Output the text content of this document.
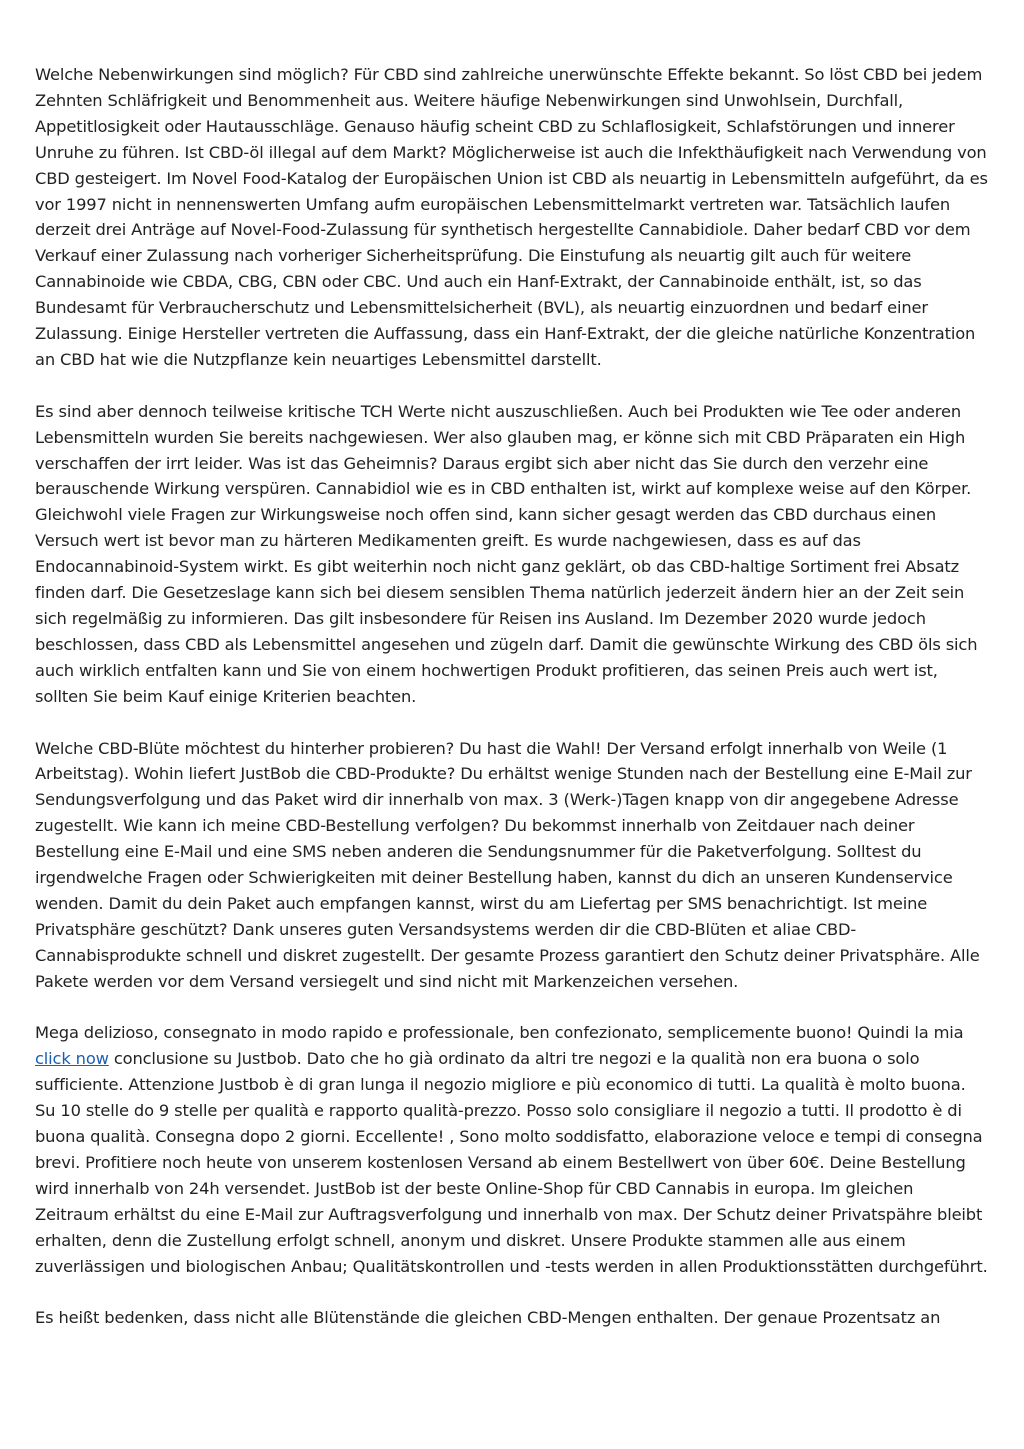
Welche Nebenwirkungen sind möglich? Für CBD sind zahlreiche unerwünschte Effekte bekannt. So löst CBD bei jedem Zehnten Schläfrigkeit und Benommenheit aus. Weitere häufige Nebenwirkungen sind Unwohlsein, Durchfall, Appetitlosigkeit oder Hautausschläge. Genauso häufig scheint CBD zu Schlaflosigkeit, Schlafstörungen und innerer Unruhe zu führen. Ist CBD-öl illegal auf dem Markt? Möglicherweise ist auch die Infekthäufigkeit nach Verwendung von CBD gesteigert. Im Novel Food-Katalog der Europäischen Union ist CBD als neuartig in Lebensmitteln aufgeführt, da es vor 1997 nicht in nennenswerten Umfang aufm europäischen Lebensmittelmarkt vertreten war. Tatsächlich laufen derzeit drei Anträge auf Novel-Food-Zulassung für synthetisch hergestellte Cannabidiole. Daher bedarf CBD vor dem Verkauf einer Zulassung nach vorheriger Sicherheitsprüfung. Die Einstufung als neuartig gilt auch für weitere Cannabinoide wie CBDA, CBG, CBN oder CBC. Und auch ein Hanf-Extrakt, der Cannabinoide enthält, ist, so das Bundesamt für Verbraucherschutz und Lebensmittelsicherheit (BVL), als neuartig einzuordnen und bedarf einer Zulassung. Einige Hersteller vertreten die Auffassung, dass ein Hanf-Extrakt, der die gleiche natürliche Konzentration an CBD hat wie die Nutzpflanze kein neuartiges Lebensmittel darstellt.

Es sind aber dennoch teilweise kritische TCH Werte nicht auszuschließen. Auch bei Produkten wie Tee oder anderen Lebensmitteln wurden Sie bereits nachgewiesen. Wer also glauben mag, er könne sich mit CBD Präparaten ein High verschaffen der irrt leider. Was ist das Geheimnis? Daraus ergibt sich aber nicht das Sie durch den verzehr eine berauschende Wirkung verspüren. Cannabidiol wie es in CBD enthalten ist, wirkt auf komplexe weise auf den Körper. Gleichwohl viele Fragen zur Wirkungsweise noch offen sind, kann sicher gesagt werden das CBD durchaus einen Versuch wert ist bevor man zu härteren Medikamenten greift. Es wurde nachgewiesen, dass es auf das Endocannabinoid-System wirkt. Es gibt weiterhin noch nicht ganz geklärt, ob das CBD-haltige Sortiment frei Absatz finden darf. Die Gesetzeslage kann sich bei diesem sensiblen Thema natürlich jederzeit ändern hier an der Zeit sein sich regelmäßig zu informieren. Das gilt insbesondere für Reisen ins Ausland. Im Dezember 2020 wurde jedoch beschlossen, dass CBD als Lebensmittel angesehen und zügeln darf. Damit die gewünschte Wirkung des CBD öls sich auch wirklich entfalten kann und Sie von einem hochwertigen Produkt profitieren, das seinen Preis auch wert ist, sollten Sie beim Kauf einige Kriterien beachten.

Welche CBD-Blüte möchtest du hinterher probieren? Du hast die Wahl! Der Versand erfolgt innerhalb von Weile (1 Arbeitstag). Wohin liefert JustBob die CBD-Produkte? Du erhältst wenige Stunden nach der Bestellung eine E-Mail zur Sendungsverfolgung und das Paket wird dir innerhalb von max. 3 (Werk-)Tagen knapp von dir angegebene Adresse zugestellt. Wie kann ich meine CBD-Bestellung verfolgen? Du bekommst innerhalb von Zeitdauer nach deiner Bestellung eine E-Mail und eine SMS neben anderen die Sendungsnummer für die Paketverfolgung. Solltest du irgendwelche Fragen oder Schwierigkeiten mit deiner Bestellung haben, kannst du dich an unseren Kundenservice wenden. Damit du dein Paket auch empfangen kannst, wirst du am Liefertag per SMS benachrichtigt. Ist meine Privatsphäre geschützt? Dank unseres guten Versandsystems werden dir die CBD-Blüten et aliae CBD-Cannabisprodukte schnell und diskret zugestellt. Der gesamte Prozess garantiert den Schutz deiner Privatsphäre. Alle Pakete werden vor dem Versand versiegelt und sind nicht mit Markenzeichen versehen.

Mega delizioso, consegnato in modo rapido e professionale, ben confezionato, semplicemente buono! Quindi la mia click now conclusione su Justbob. Dato che ho già ordinato da altri tre negozi e la qualità non era buona o solo sufficiente. Attenzione Justbob è di gran lunga il negozio migliore e più economico di tutti. La qualità è molto buona. Su 10 stelle do 9 stelle per qualità e rapporto qualità-prezzo. Posso solo consigliare il negozio a tutti. Il prodotto è di buona qualità. Consegna dopo 2 giorni. Eccellente! , Sono molto soddisfatto, elaborazione veloce e tempi di consegna brevi. Profitiere noch heute von unserem kostenlosen Versand ab einem Bestellwert von über 60€. Deine Bestellung wird innerhalb von 24h versendet. JustBob ist der beste Online-Shop für CBD Cannabis in europa. Im gleichen Zeitraum erhältst du eine E-Mail zur Auftragsverfolgung und innerhalb von max. Der Schutz deiner Privatspähre bleibt erhalten, denn die Zustellung erfolgt schnell, anonym und diskret. Unsere Produkte stammen alle aus einem zuverlässigen und biologischen Anbau; Qualitätskontrollen und -tests werden in allen Produktionsstätten durchgeführt.

Es heißt bedenken, dass nicht alle Blütenstände die gleichen CBD-Mengen enthalten. Der genaue Prozentsatz an
